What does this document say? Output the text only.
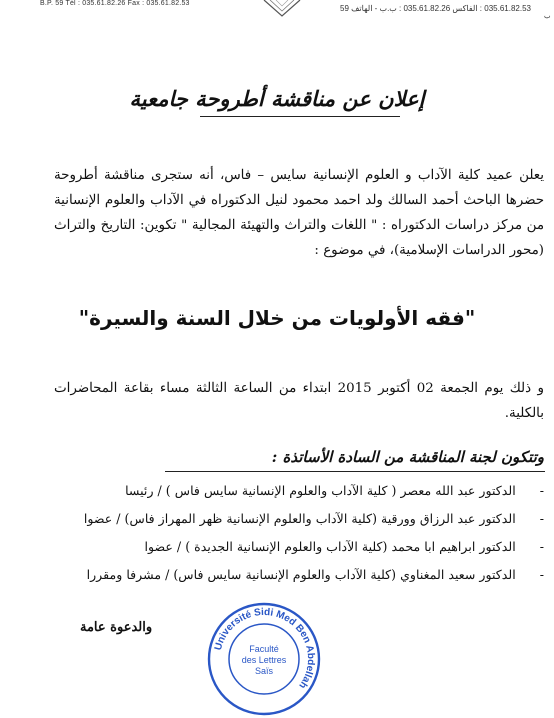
B.P. 59 Tél : 035.61.82.26 Fax : 035.61.82.53
035.61.82.53 : الفاكس 035.61.82.26 : ب.ب - الهاتف 59
ب
إعلان عن مناقشة أطروحة جامعية
يعلن عميد كلية الآداب و العلوم الإنسانية سايس – فاس، أنه ستجرى مناقشة أطروحة حضرها الباحث أحمد السالك ولد احمد محمود لنيل الدكتوراه في الآداب والعلوم الإنسانية من مركز دراسات الدكتوراه : " اللغات والتراث والتهيئة المجالية " تكوين: التاريخ والتراث (محور الدراسات الإسلامية)، في موضوع :
"فقه الأولويات من خلال السنة والسيرة"
و ذلك يوم الجمعة 02 أكتوبر 2015 ابتداء من الساعة الثالثة مساء بقاعة المحاضرات بالكلية.
وتتكون لجنة المناقشة من السادة الأساتذة :
- الدكتور عبد الله معصر ( كلية الآداب والعلوم الإنسانية سايس فاس ) / رئيسا
- الدكتور عبد الرزاق وورقية (كلية الآداب والعلوم الإنسانية ظهر المهراز فاس) / عضوا
- الدكتور ابراهيم ابا محمد (كلية الآداب والعلوم الإنسانية الجديدة ) / عضوا
- الدكتور سعيد المغناوي (كلية الآداب والعلوم الإنسانية سايس فاس) / مشرفا ومقررا
والدعوة عامة
Université Sidi Med Ben Abdellah
Faculté
des Lettres
Saïs
